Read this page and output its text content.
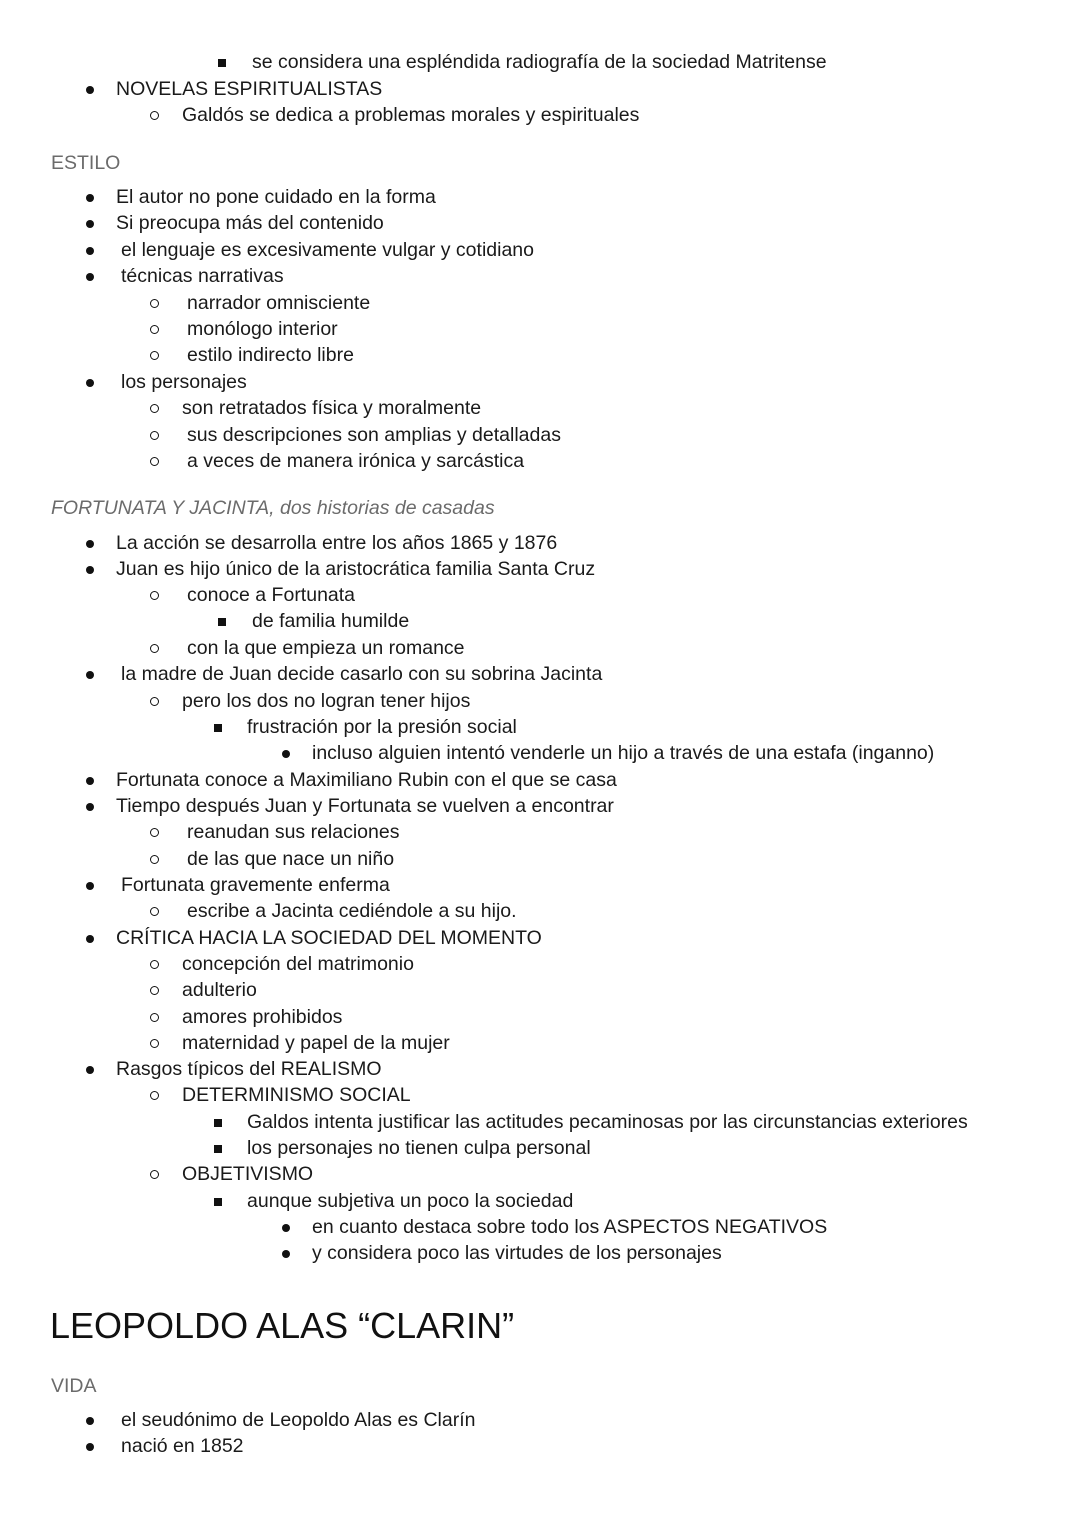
se considera una espléndida radiografía de la sociedad Matritense
NOVELAS ESPIRITUALISTAS
Galdós se dedica a problemas morales y espirituales
ESTILO
El autor no pone cuidado en la forma
Si preocupa más del contenido
el lenguaje es excesivamente vulgar y cotidiano
técnicas narrativas
narrador omnisciente
monólogo interior
estilo indirecto libre
los personajes
son retratados física y moralmente
sus descripciones son amplias y detalladas
a veces de manera irónica y sarcástica
FORTUNATA Y JACINTA, dos historias de casadas
La acción se desarrolla entre los años 1865 y 1876
Juan es hijo único de la aristocrática familia Santa Cruz
conoce a Fortunata
de familia humilde
con la que empieza un romance
la madre de Juan decide casarlo con su sobrina Jacinta
pero los dos no logran tener hijos
frustración por la presión social
incluso alguien intentó venderle un hijo a través de una estafa (inganno)
Fortunata conoce a Maximiliano Rubin con el que se casa
Tiempo después Juan y Fortunata se vuelven a encontrar
reanudan sus relaciones
de las que nace un niño
Fortunata gravemente enferma
escribe a Jacinta cediéndole a su hijo.
CRÍTICA HACIA LA SOCIEDAD DEL MOMENTO
concepción del matrimonio
adulterio
amores prohibidos
maternidad y papel de la mujer
Rasgos típicos del REALISMO
DETERMINISMO SOCIAL
Galdos intenta justificar las actitudes pecaminosas por las circunstancias exteriores
los personajes no tienen culpa personal
OBJETIVISMO
aunque subjetiva un poco la sociedad
en cuanto destaca sobre todo los ASPECTOS NEGATIVOS
y considera poco las virtudes de los personajes
LEOPOLDO ALAS “CLARIN”
VIDA
el seudónimo de Leopoldo Alas es Clarín
nació en 1852
